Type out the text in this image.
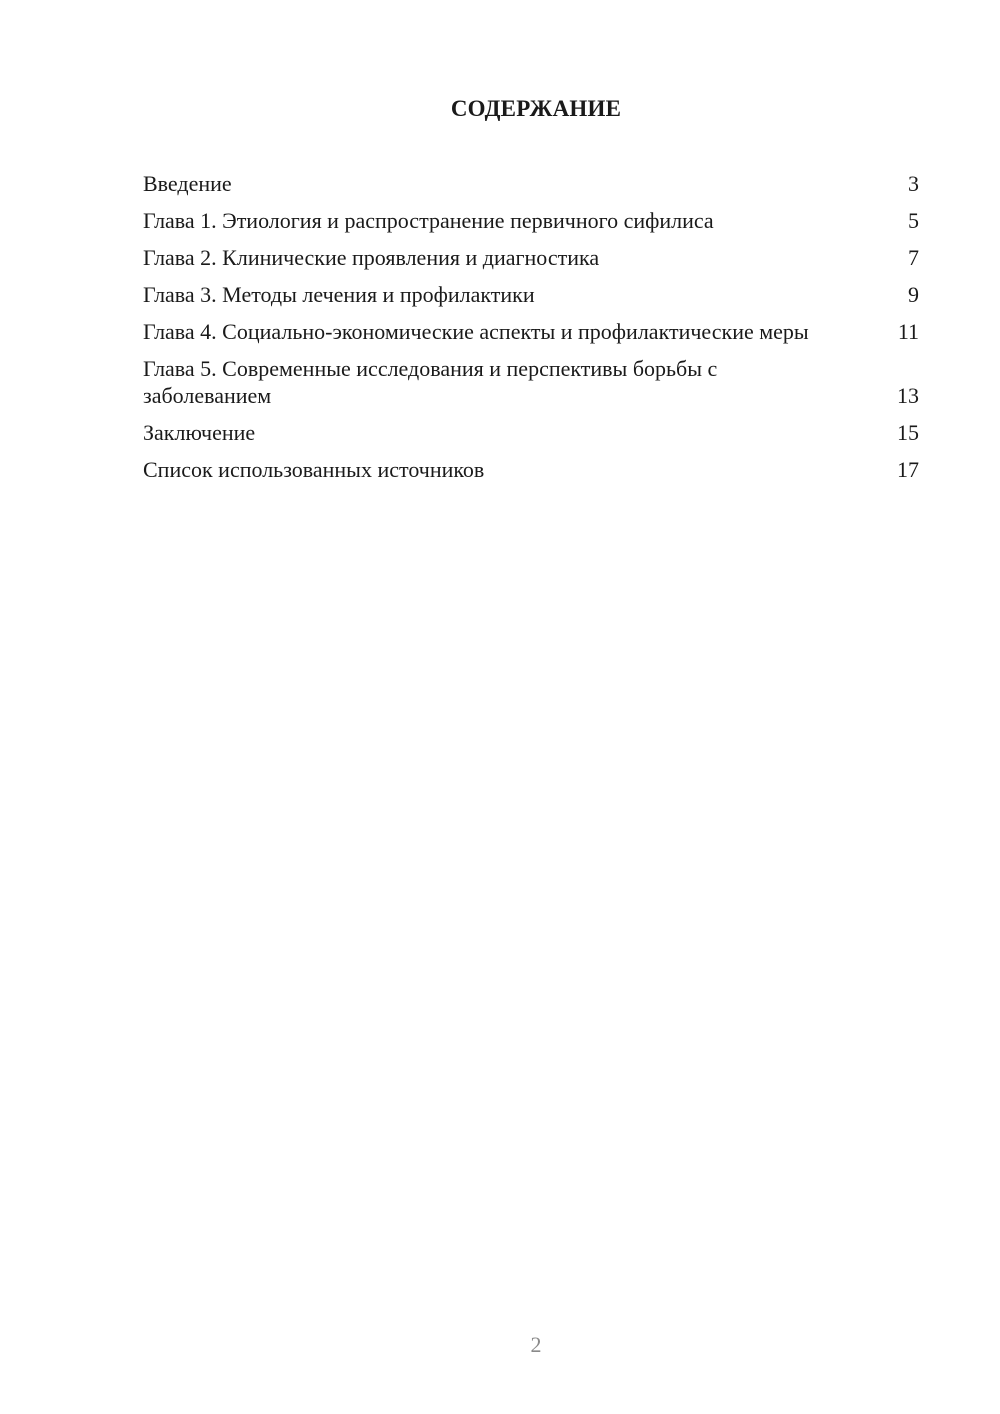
СОДЕРЖАНИЕ
Введение	3
Глава 1. Этиология и распространение первичного сифилиса	5
Глава 2. Клинические проявления и диагностика	7
Глава 3. Методы лечения и профилактики	9
Глава 4. Социально-экономические аспекты и профилактические меры	11
Глава 5. Современные исследования и перспективы борьбы с заболеванием	13
Заключение	15
Список использованных источников	17
2
